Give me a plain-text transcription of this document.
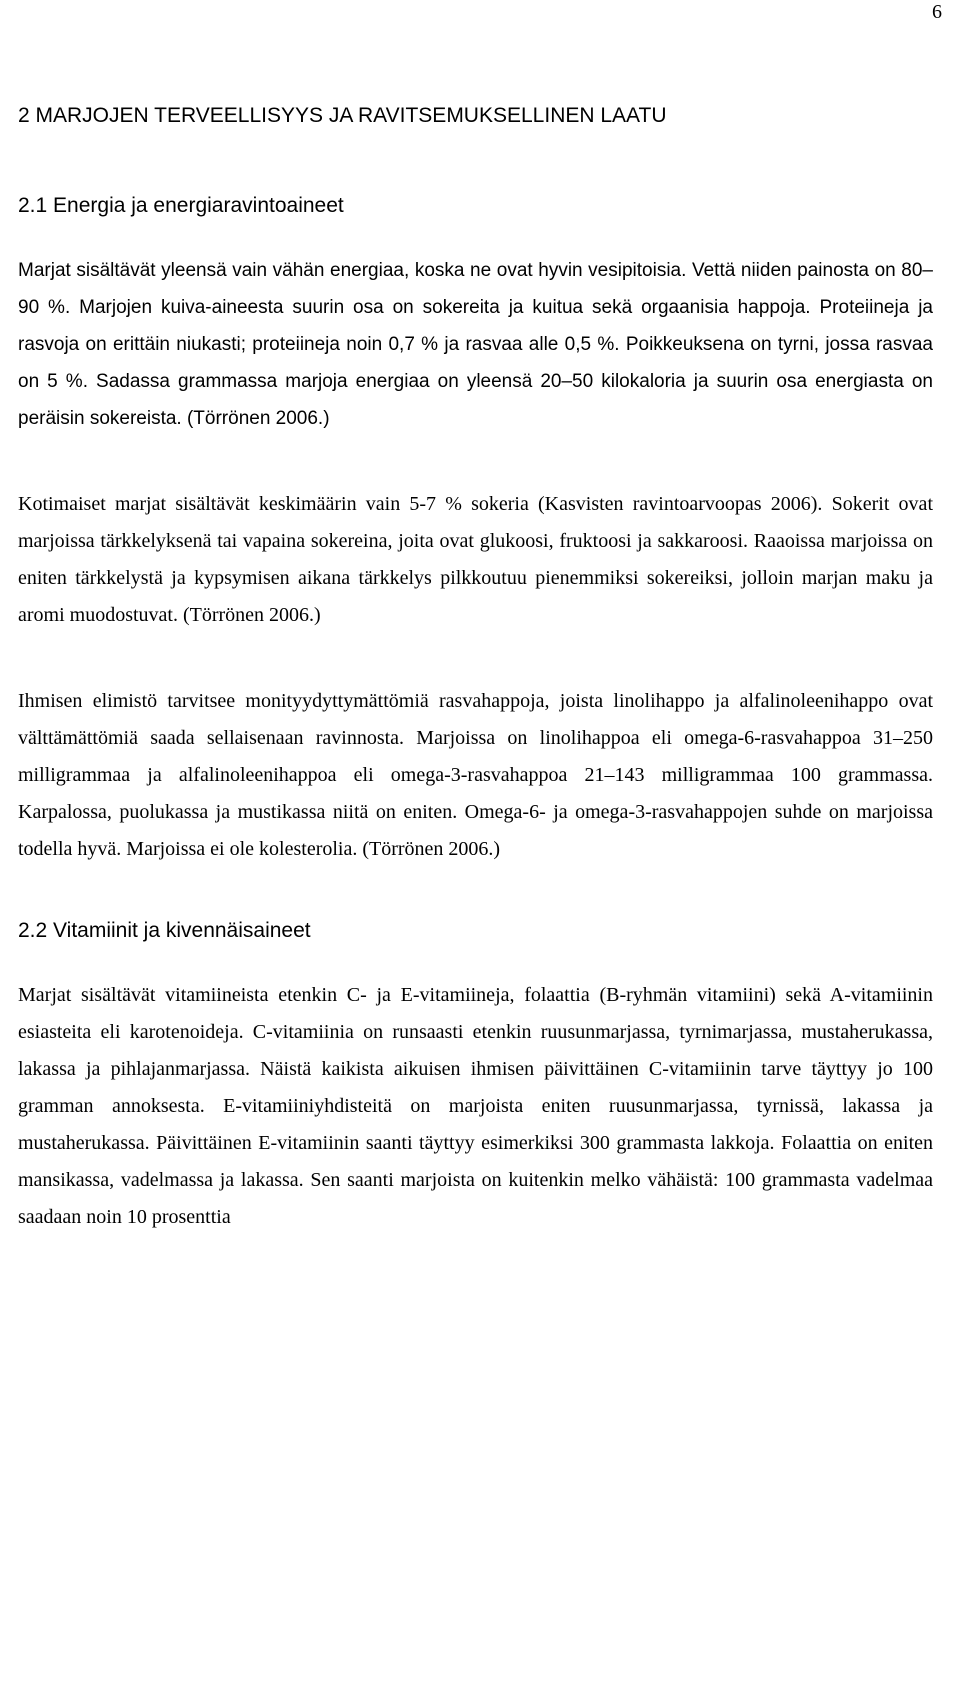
6
2 MARJOJEN TERVEELLISYYS JA RAVITSEMUKSELLINEN LAATU
2.1 Energia ja energiaravintoaineet

Marjat sisältävät yleensä vain vähän energiaa, koska ne ovat hyvin vesipitoisia. Vettä niiden painosta on 80–90 %. Marjojen kuiva-aineesta suurin osa on sokereita ja kuitua sekä orgaanisia happoja. Proteiineja ja rasvoja on erittäin niukasti; proteiineja noin 0,7 % ja rasvaa alle 0,5 %. Poikkeuksena on tyrni, jossa rasvaa on 5 %. Sadassa grammassa marjoja energiaa on yleensä 20–50 kilokaloria ja suurin osa energiasta on peräisin sokereista. (Törrönen 2006.)

Kotimaiset marjat sisältävät keskimäärin vain 5-7 % sokeria (Kasvisten ravintoarvoopas 2006). Sokerit ovat marjoissa tärkkelyksenä tai vapaina sokereina, joita ovat glukoosi, fruktoosi ja sakkaroosi. Raaoissa marjoissa on eniten tärkkelystä ja kypsymisen aikana tärkkelys pilkkoutuu pienemmiksi sokereiksi, jolloin marjan maku ja aromi muodostuvat. (Törrönen 2006.)

Ihmisen elimistö tarvitsee monityydyttymättömiä rasvahappoja, joista linolihappo ja alfalinoleenihappo ovat välttämättömiä saada sellaisenaan ravinnosta. Marjoissa on linolihappoa eli omega-6-rasvahappoa 31–250 milligrammaa ja alfalinoleenihappoa eli omega-3-rasvahappoa 21–143 milligrammaa 100 grammassa. Karpalossa, puolukassa ja mustikassa niitä on eniten. Omega-6- ja omega-3-rasvahappojen suhde on marjoissa todella hyvä. Marjoissa ei ole kolesterolia. (Törrönen 2006.)

2.2 Vitamiinit ja kivennäisaineet

Marjat sisältävät vitamiineista etenkin C- ja E-vitamiineja, folaattia (B-ryhmän vitamiini) sekä A-vitamiinin esiasteita eli karotenoideja. C-vitamiinia on runsaasti etenkin ruusunmarjassa, tyrnimarjassa, mustaherukassa, lakassa ja pihlajanmarjassa. Näistä kaikista aikuisen ihmisen päivittäinen C-vitamiinin tarve täyttyy jo 100 gramman annoksesta. E-vitamiiniyhdisteitä on marjoista eniten ruusunmarjassa, tyrnissä, lakassa ja mustaherukassa. Päivittäinen E-vitamiinin saanti täyttyy esimerkiksi 300 grammasta lakkoja. Folaattia on eniten mansikassa, vadelmassa ja lakassa. Sen saanti marjoista on kuitenkin melko vähäistä: 100 grammasta vadelmaa saadaan noin 10 prosenttia
